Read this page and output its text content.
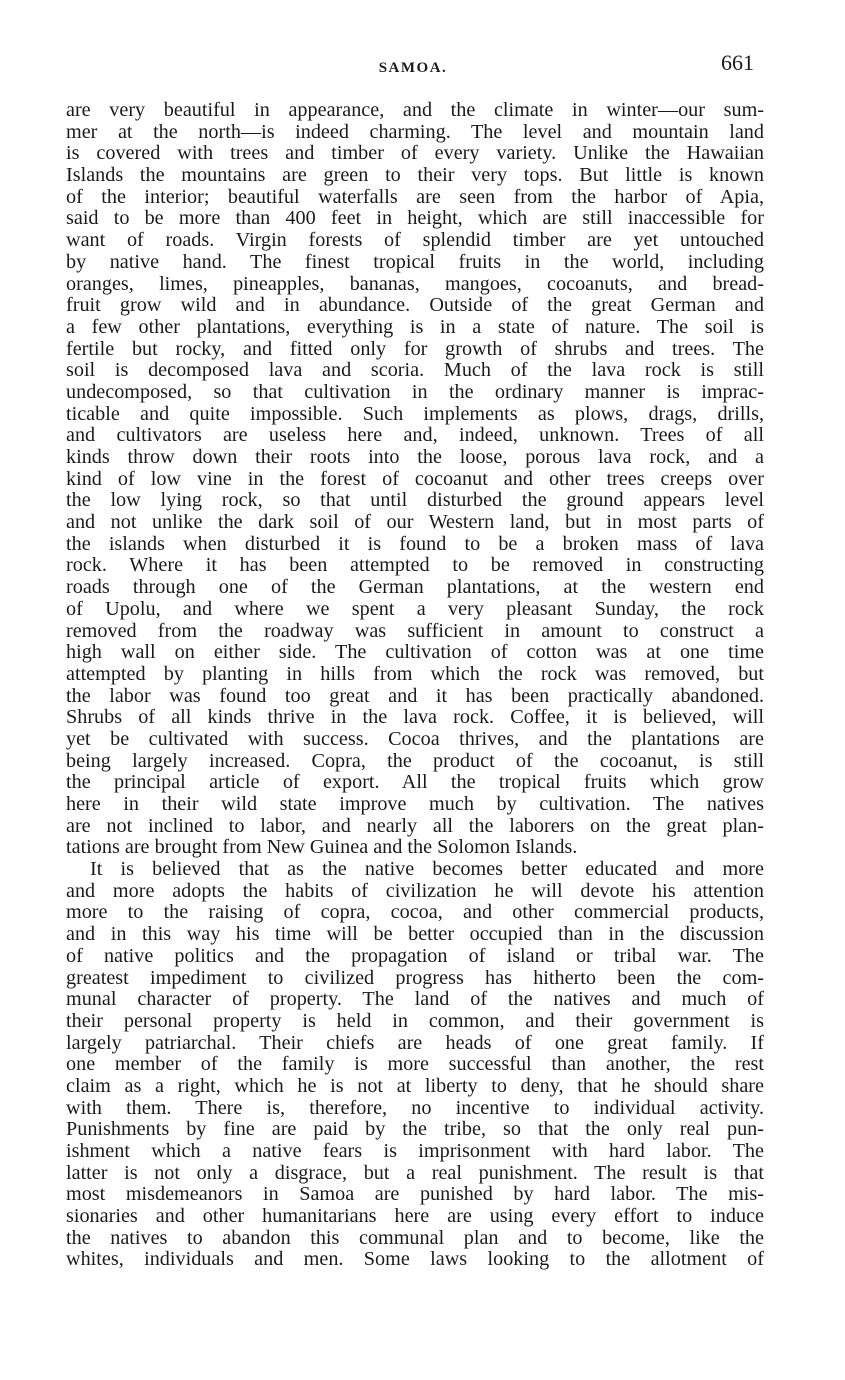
SAMOA.	661
are very beautiful in appearance, and the climate in winter—our sum-
mer at the north—is indeed charming. The level and mountain land
is covered with trees and timber of every variety. Unlike the Hawaiian
Islands the mountains are green to their very tops. But little is known
of the interior; beautiful waterfalls are seen from the harbor of Apia,
said to be more than 400 feet in height, which are still inaccessible for
want of roads. Virgin forests of splendid timber are yet untouched
by native hand. The finest tropical fruits in the world, including
oranges, limes, pineapples, bananas, mangoes, cocoanuts, and bread-
fruit grow wild and in abundance. Outside of the great German and
a few other plantations, everything is in a state of nature. The soil is
fertile but rocky, and fitted only for growth of shrubs and trees. The
soil is decomposed lava and scoria. Much of the lava rock is still
undecomposed, so that cultivation in the ordinary manner is imprac-
ticable and quite impossible. Such implements as plows, drags, drills,
and cultivators are useless here and, indeed, unknown. Trees of all
kinds throw down their roots into the loose, porous lava rock, and a
kind of low vine in the forest of cocoanut and other trees creeps over
the low lying rock, so that until disturbed the ground appears level
and not unlike the dark soil of our Western land, but in most parts of
the islands when disturbed it is found to be a broken mass of lava
rock. Where it has been attempted to be removed in constructing
roads through one of the German plantations, at the western end
of Upolu, and where we spent a very pleasant Sunday, the rock
removed from the roadway was sufficient in amount to construct a
high wall on either side. The cultivation of cotton was at one time
attempted by planting in hills from which the rock was removed, but
the labor was found too great and it has been practically abandoned.
Shrubs of all kinds thrive in the lava rock. Coffee, it is believed, will
yet be cultivated with success. Cocoa thrives, and the plantations are
being largely increased. Copra, the product of the cocoanut, is still
the principal article of export. All the tropical fruits which grow
here in their wild state improve much by cultivation. The natives
are not inclined to labor, and nearly all the laborers on the great plan-
tations are brought from New Guinea and the Solomon Islands.
It is believed that as the native becomes better educated and more
and more adopts the habits of civilization he will devote his attention
more to the raising of copra, cocoa, and other commercial products,
and in this way his time will be better occupied than in the discussion
of native politics and the propagation of island or tribal war. The
greatest impediment to civilized progress has hitherto been the com-
munal character of property. The land of the natives and much of
their personal property is held in common, and their government is
largely patriarchal. Their chiefs are heads of one great family. If
one member of the family is more successful than another, the rest
claim as a right, which he is not at liberty to deny, that he should share
with them. There is, therefore, no incentive to individual activity.
Punishments by fine are paid by the tribe, so that the only real pun-
ishment which a native fears is imprisonment with hard labor. The
latter is not only a disgrace, but a real punishment. The result is that
most misdemeanors in Samoa are punished by hard labor. The mis-
sionaries and other humanitarians here are using every effort to induce
the natives to abandon this communal plan and to become, like the
whites, individuals and men. Some laws looking to the allotment of
